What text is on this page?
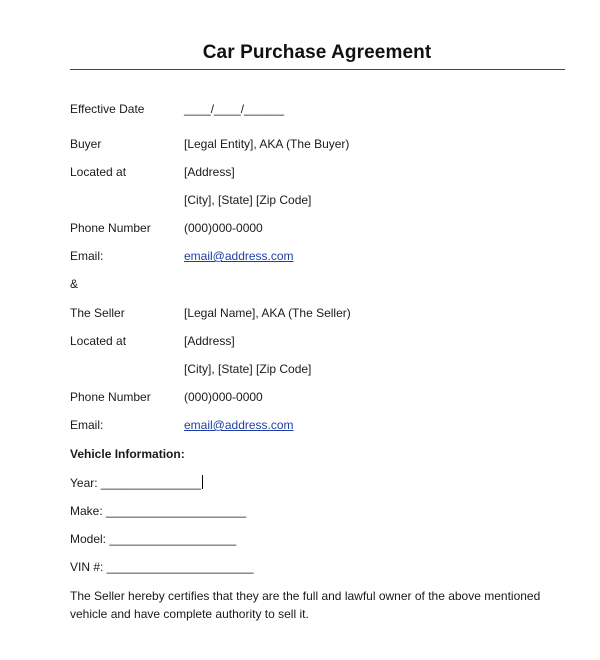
Car Purchase Agreement
Effective Date	____/____/______
Buyer	[Legal Entity], AKA (The Buyer)
Located at	[Address]
[City], [State] [Zip Code]
Phone Number	(000)000-0000
Email:	email@address.com
&
The Seller	[Legal Name], AKA (The Seller)
Located at	[Address]
[City], [State] [Zip Code]
Phone Number	(000)000-0000
Email:	email@address.com
Vehicle Information:
Year: _______________
Make: _____________________
Model: ___________________
VIN #: ______________________
The Seller hereby certifies that they are the full and lawful owner of the above mentioned vehicle and have complete authority to sell it.
